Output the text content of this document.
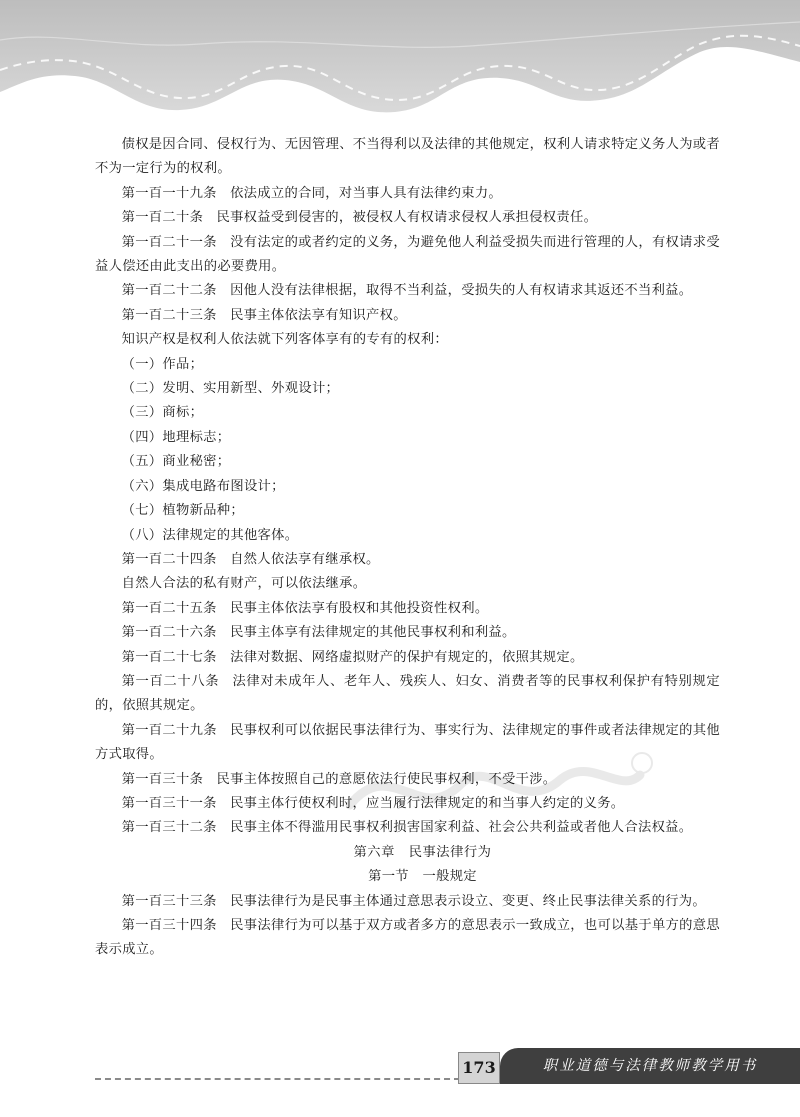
债权是因合同、侵权行为、无因管理、不当得利以及法律的其他规定，权利人请求特定义务人为或者不为一定行为的权利。

第一百一十九条 依法成立的合同，对当事人具有法律约束力。

第一百二十条 民事权益受到侵害的，被侵权人有权请求侵权人承担侵权责任。

第一百二十一条 没有法定的或者约定的义务，为避免他人利益受损失而进行管理的人，有权请求受益人偿还由此支出的必要费用。

第一百二十二条 因他人没有法律根据，取得不当利益，受损失的人有权请求其返还不当利益。

第一百二十三条 民事主体依法享有知识产权。

知识产权是权利人依法就下列客体享有的专有的权利：

（一）作品；

（二）发明、实用新型、外观设计；

（三）商标；

（四）地理标志；

（五）商业秘密；

（六）集成电路布图设计；

（七）植物新品种；

（八）法律规定的其他客体。

第一百二十四条 自然人依法享有继承权。

自然人合法的私有财产，可以依法继承。

第一百二十五条 民事主体依法享有股权和其他投资性权利。

第一百二十六条 民事主体享有法律规定的其他民事权利和利益。

第一百二十七条 法律对数据、网络虚拟财产的保护有规定的，依照其规定。

第一百二十八条 法律对未成年人、老年人、残疾人、妇女、消费者等的民事权利保护有特别规定的，依照其规定。

第一百二十九条 民事权利可以依据民事法律行为、事实行为、法律规定的事件或者法律规定的其他方式取得。

第一百三十条 民事主体按照自己的意愿依法行使民事权利，不受干涉。

第一百三十一条 民事主体行使权利时，应当履行法律规定的和当事人约定的义务。

第一百三十二条 民事主体不得滥用民事权利损害国家利益、社会公共利益或者他人合法权益。

第六章　民事法律行为

第一节　一般规定

第一百三十三条 民事法律行为是民事主体通过意思表示设立、变更、终止民事法律关系的行为。

第一百三十四条 民事法律行为可以基于双方或者多方的意思表示一致成立，也可以基于单方的意思表示成立。

173	职业道德与法律教师教学用书
